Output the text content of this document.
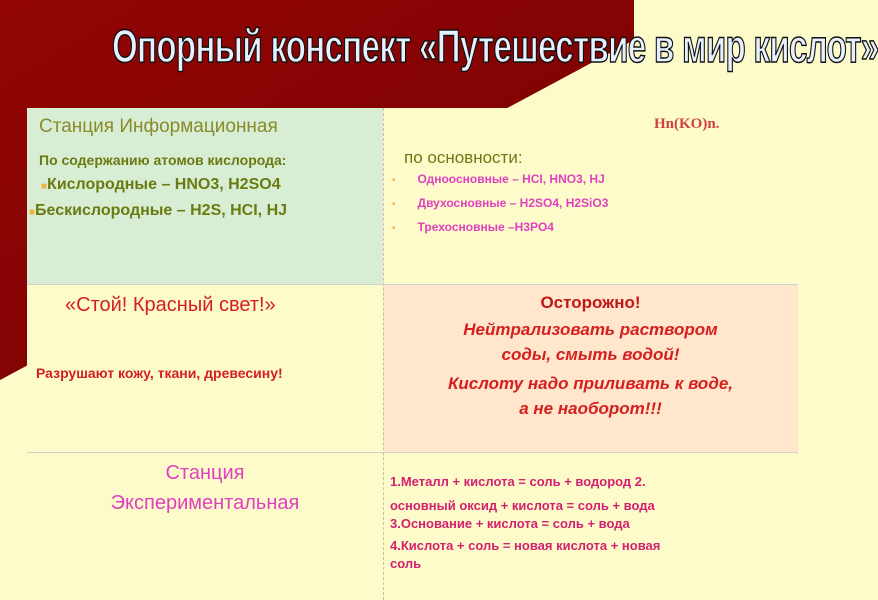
Опорный конспект «Путешествие в мир кислот»
Станция Информационная
По содержанию атомов кислорода:
■Кислородные – HNO3, H2SO4
■Бескислородные – H2S, HCI, HJ
Hn(KO)n.
по основности:
▪ Одноосновные – HCI, HNO3, HJ
▪ Двухосновные – H2SO4, H2SiO3
▪ Трехосновные –H3PO4
«Стой! Красный свет!»
Разрушают кожу, ткани, древесину!
Осторожно!
Нейтрализовать раствором
соды, смыть водой!
Кислоту надо приливать к воде,
а не наоборот!!!
Станция
Экспериментальная
1.Металл + кислота = соль + водород 2.
основный оксид + кислота = соль + вода
3.Основание + кислота = соль + вода
4.Кислота + соль = новая кислота + новая
соль
